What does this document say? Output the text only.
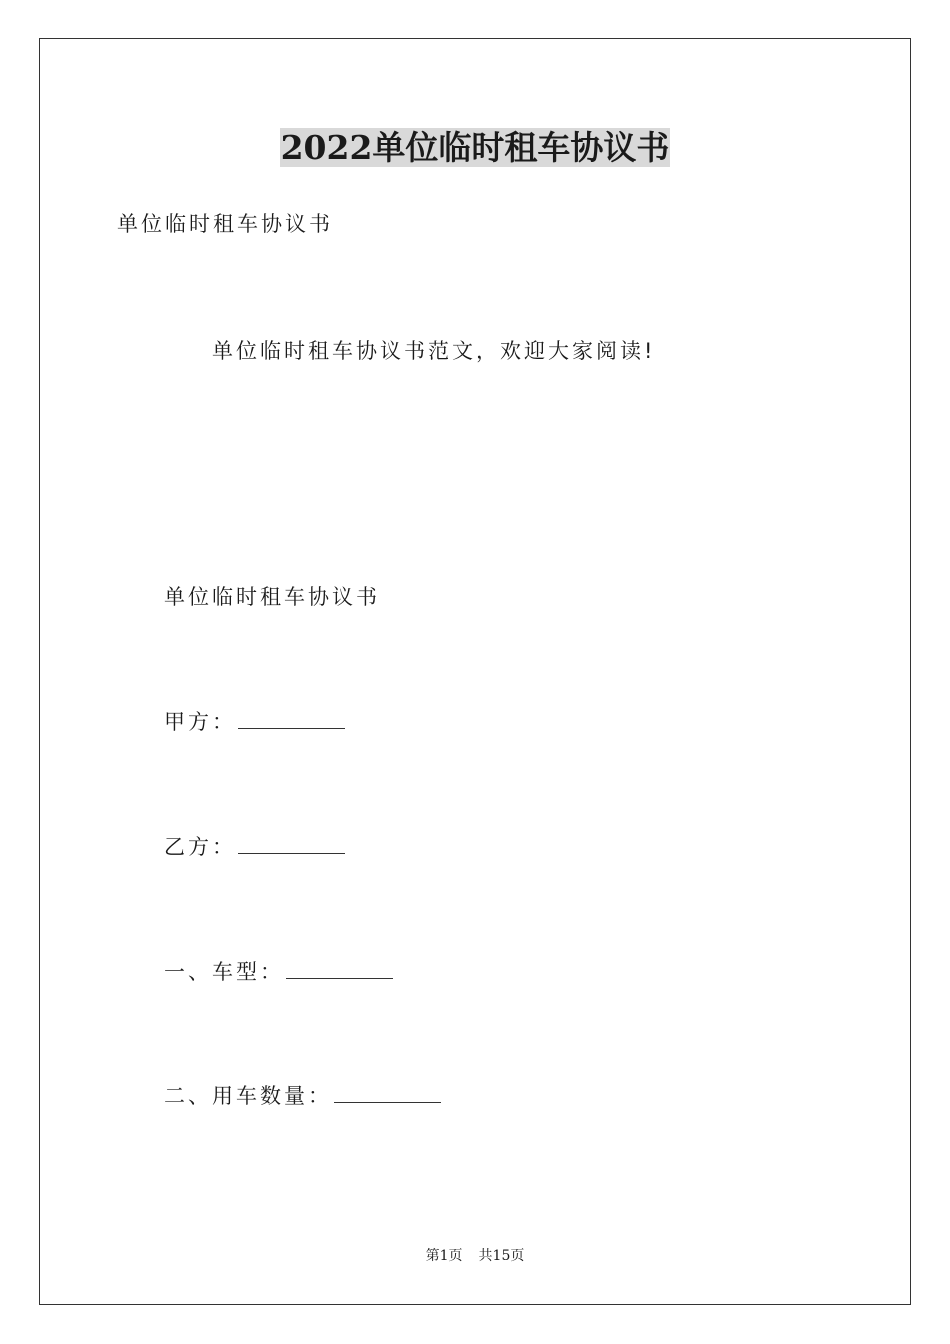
2022单位临时租车协议书
单位临时租车协议书
单位临时租车协议书范文，欢迎大家阅读!
单位临时租车协议书
甲方：
乙方：
一、车型：
二、用车数量：
第1页 共15页
